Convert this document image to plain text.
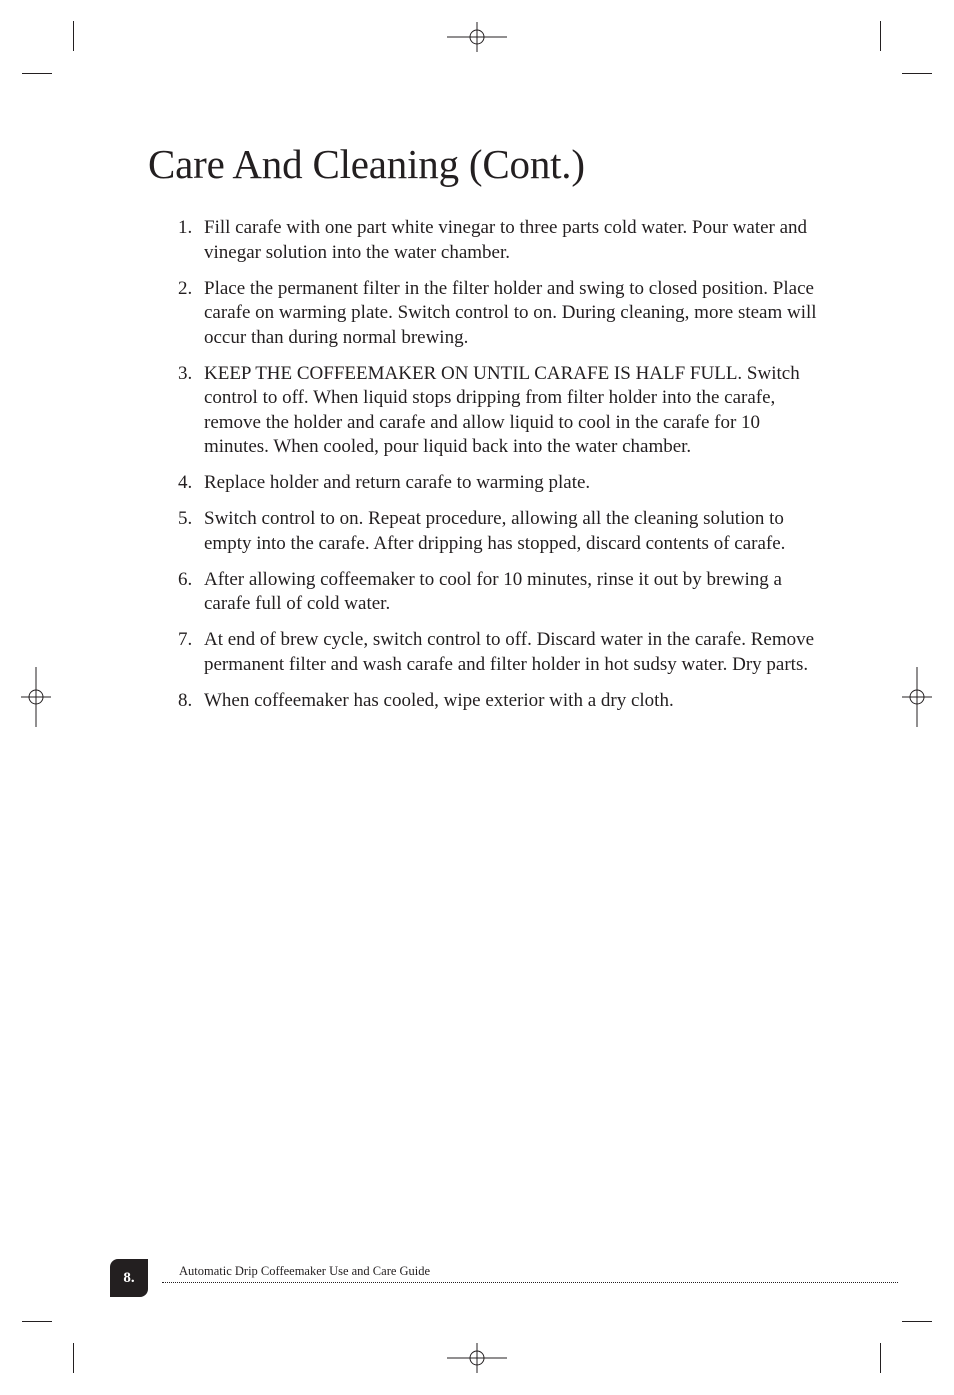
Care And Cleaning (Cont.)
1. Fill carafe with one part white vinegar to three parts cold water. Pour water and vinegar solution into the water chamber.
2. Place the permanent filter in the filter holder and swing to closed position. Place carafe on warming plate. Switch control to on. During cleaning, more steam will occur than during normal brewing.
3. KEEP THE COFFEEMAKER ON UNTIL CARAFE IS HALF FULL. Switch control to off. When liquid stops dripping from filter holder into the carafe, remove the holder and carafe and allow liquid to cool in the carafe for 10 minutes. When cooled, pour liquid back into the water chamber.
4. Replace holder and return carafe to warming plate.
5. Switch control to on. Repeat procedure, allowing all the cleaning solution to empty into the carafe. After dripping has stopped, discard contents of carafe.
6. After allowing coffeemaker to cool for 10 minutes, rinse it out by brewing a carafe full of cold water.
7. At end of brew cycle, switch control to off. Discard water in the carafe. Remove permanent filter and wash carafe and filter holder in hot sudsy water. Dry parts.
8. When coffeemaker has cooled, wipe exterior with a dry cloth.
8.	Automatic Drip Coffeemaker Use and Care Guide
